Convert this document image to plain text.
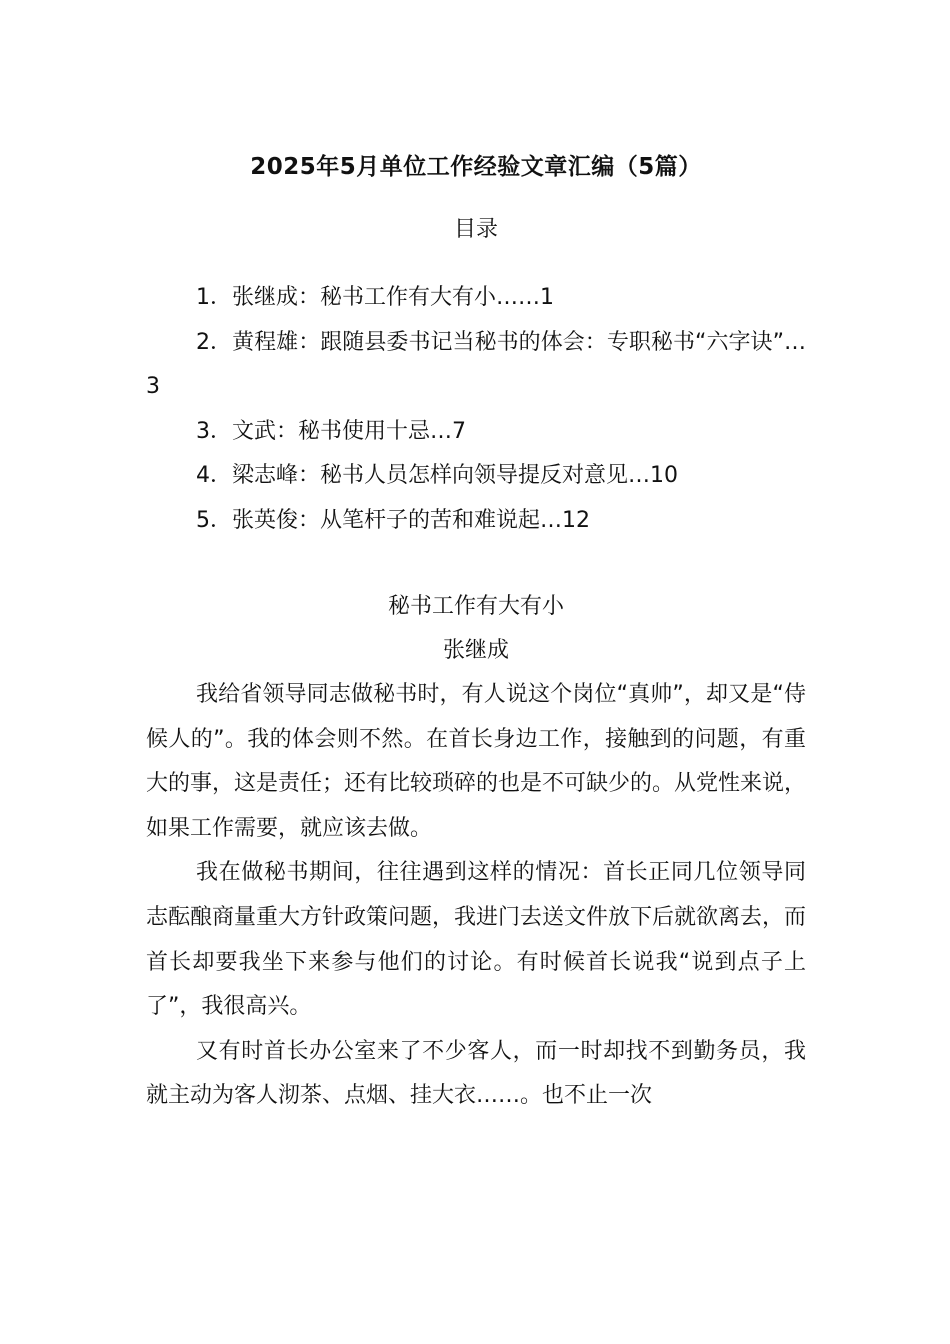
2025年5月单位工作经验文章汇编（5篇）
目录
1．张继成：秘书工作有大有小……1
2．黄程雄：跟随县委书记当秘书的体会：专职秘书“六字诀”…3
3．文武：秘书使用十忌…7
4．梁志峰：秘书人员怎样向领导提反对意见…10
5．张英俊：从笔杆子的苦和难说起…12
秘书工作有大有小
张继成

我给省领导同志做秘书时，有人说这个岗位“真帅”，却又是“侍候人的”。我的体会则不然。在首长身边工作，接触到的问题，有重大的事，这是责任；还有比较琐碎的也是不可缺少的。从党性来说，如果工作需要，就应该去做。

我在做秘书期间，往往遇到这样的情况：首长正同几位领导同志酝酿商量重大方针政策问题，我进门去送文件放下后就欲离去，而首长却要我坐下来参与他们的讨论。有时候首长说我“说到点子上了”，我很高兴。

又有时首长办公室来了不少客人，而一时却找不到勤务员，我就主动为客人沏茶、点烟、挂大衣……。也不止一次
